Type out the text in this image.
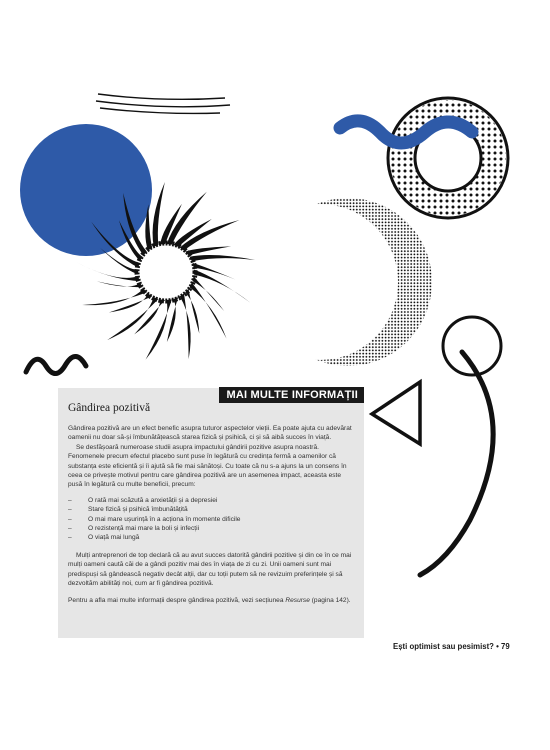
MAI MULTE INFORMAȚII
Gândirea pozitivă

Gândirea pozitivă are un efect benefic asupra tuturor aspectelor vieții. Ea poate ajuta cu adevărat oamenii nu doar să-și îmbunătățească starea fizică și psihică, ci și să aibă succes în viață.

Se desfășoară numeroase studii asupra impactului gândirii pozitive asupra noastră. Fenomenele precum efectul placebo sunt puse în legătură cu credința fermă a oamenilor că substanța este eficientă și îi ajută să fie mai sănătoși. Cu toate că nu s-a ajuns la un consens în ceea ce privește motivul pentru care gândirea pozitivă are un asemenea impact, aceasta este pusă în legătură cu multe beneficii, precum:

– O rată mai scăzută a anxietății și a depresiei
– Stare fizică și psihică îmbunătățită
– O mai mare ușurință în a acționa în momente dificile
– O rezistență mai mare la boli și infecții
– O viață mai lungă

Mulți antreprenori de top declară că au avut succes datorită gândirii pozitive și din ce în ce mai mulți oameni caută căi de a gândi pozitiv mai des în viața de zi cu zi. Unii oameni sunt mai predispuși să gândească negativ decât alții, dar cu toții putem să ne revizuim preferințele și să dezvoltăm abilități noi, cum ar fi gândirea pozitivă.

Pentru a afla mai multe informații despre gândirea pozitivă, vezi secțiunea Resurse (pagina 142).

Ești optimist sau pesimist? • 79
